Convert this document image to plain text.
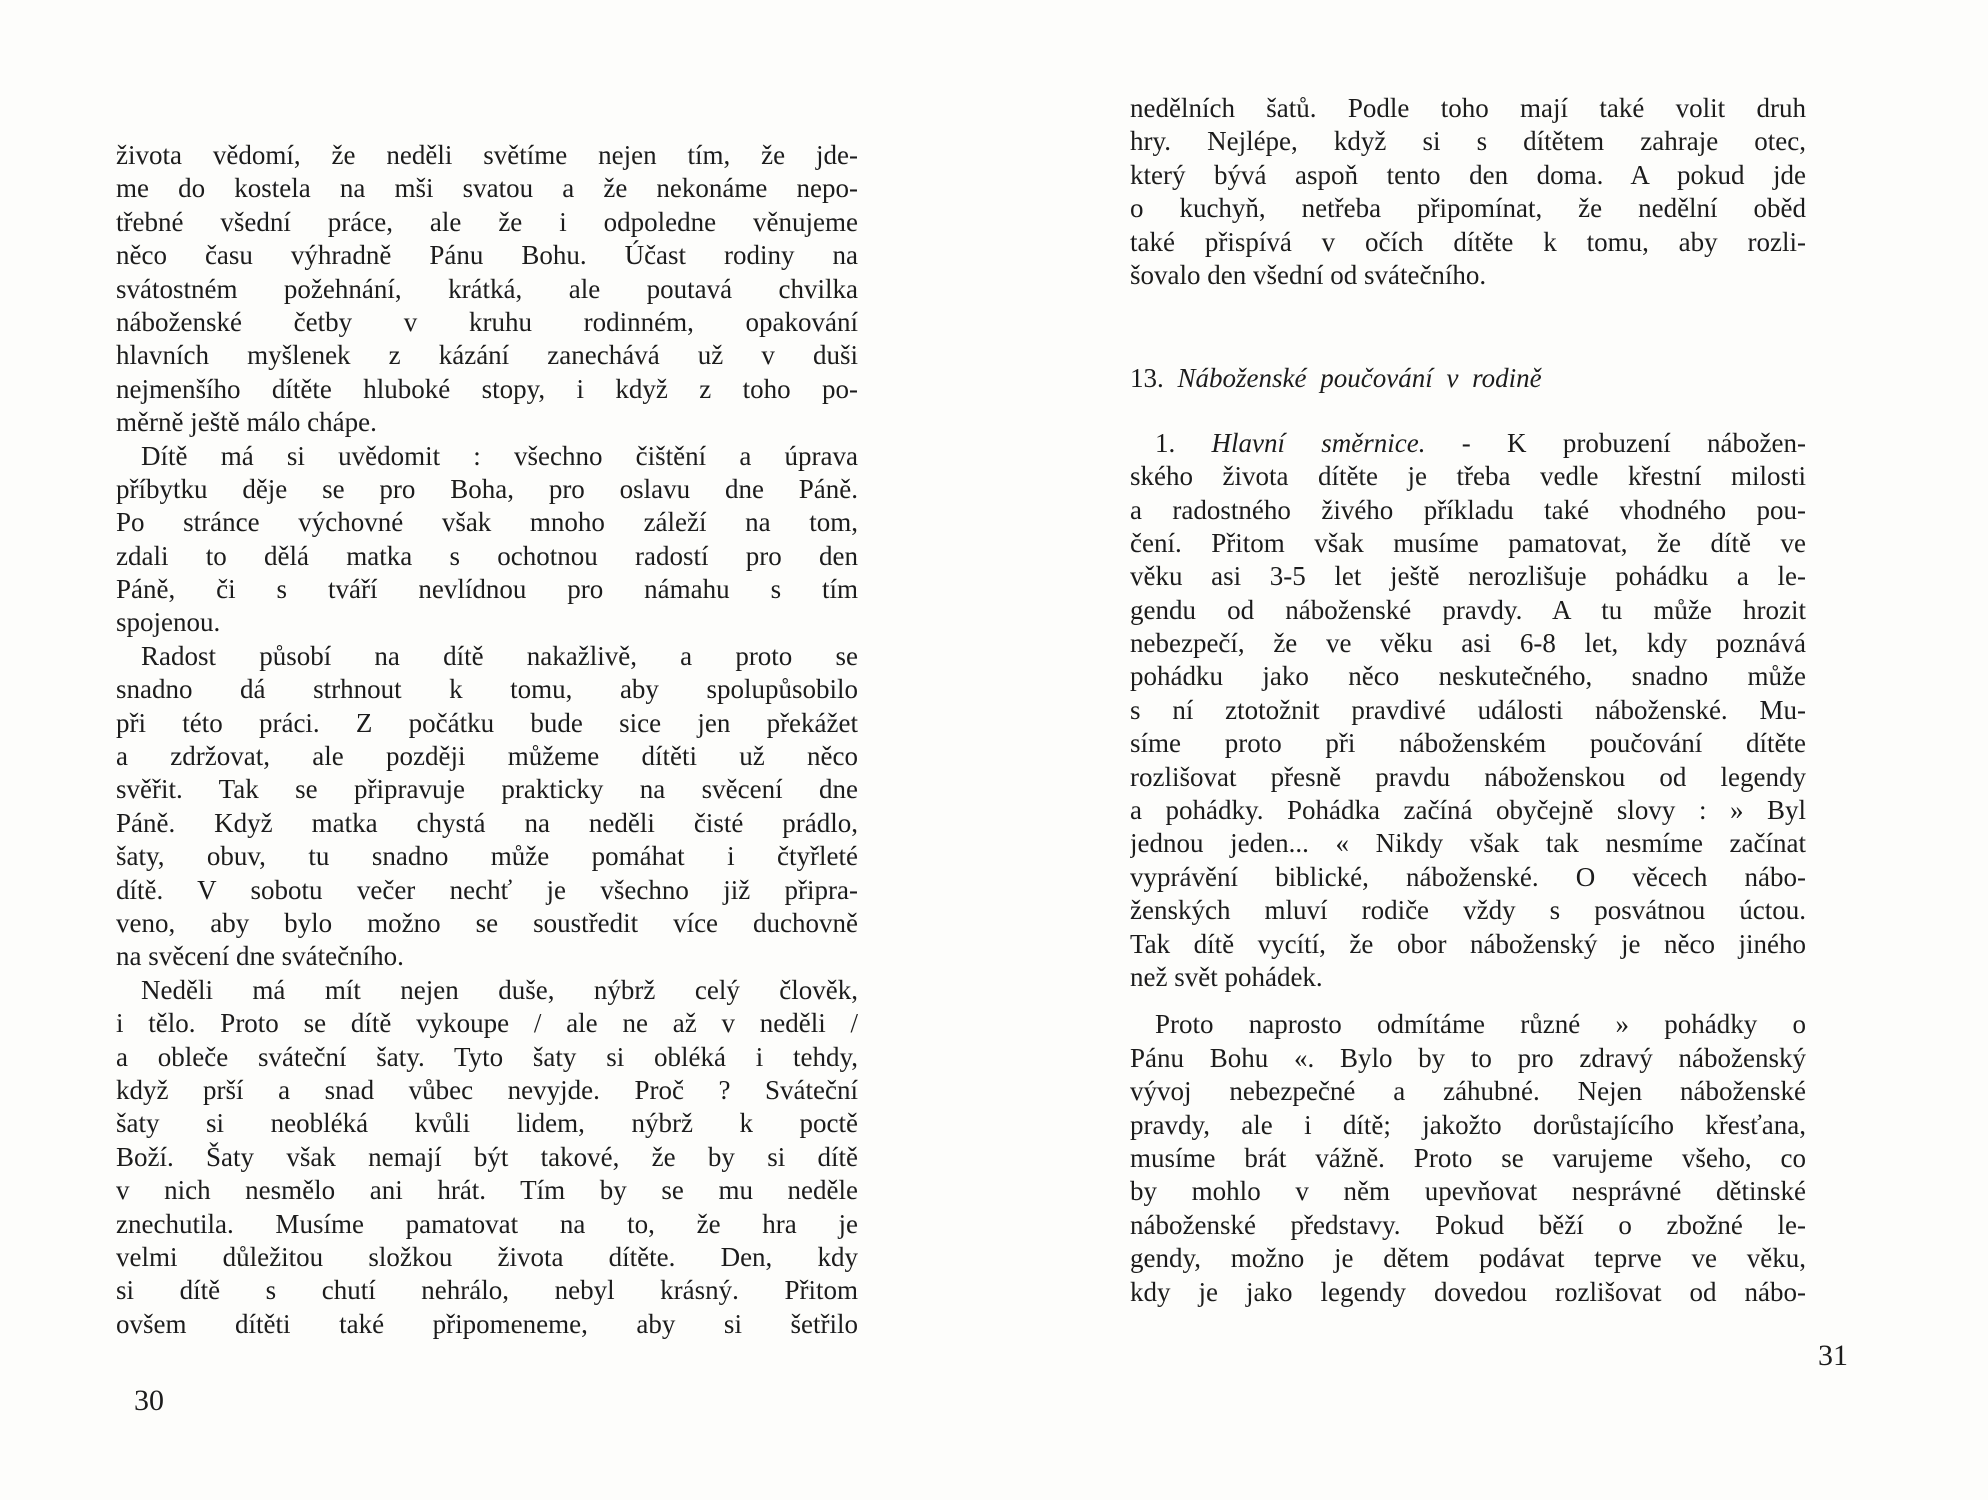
života vědomí, že neděli světíme nejen tím, že jde-
me do kostela na mši svatou a že nekonáme nepo-
třebné všední práce, ale že i odpoledne věnujeme
něco času výhradně Pánu Bohu. Účast rodiny na
svátostném požehnání, krátká, ale poutavá chvilka
náboženské četby v kruhu rodinném, opakování
hlavních myšlenek z kázání zanechává už v duši
nejmenšího dítěte hluboké stopy, i když z toho po-
měrně ještě málo chápe.
Dítě má si uvědomit : všechno čištění a úprava
příbytku děje se pro Boha, pro oslavu dne Páně.
Po stránce výchovné však mnoho záleží na tom,
zdali to dělá matka s ochotnou radostí pro den
Páně, či s tváří nevlídnou pro námahu s tím
spojenou.
Radost působí na dítě nakažlivě, a proto se
snadno dá strhnout k tomu, aby spolupůsobilo
při této práci. Z počátku bude sice jen překážet
a zdržovat, ale později můžeme dítěti už něco
svěřit. Tak se připravuje prakticky na svěcení dne
Páně. Když matka chystá na neděli čisté prádlo,
šaty, obuv, tu snadno může pomáhat i čtyřleté
dítě. V sobotu večer nechť je všechno již připra-
veno, aby bylo možno se soustředit více duchovně
na svěcení dne svátečního.
Neděli má mít nejen duše, nýbrž celý člověk,
i tělo. Proto se dítě vykoupe / ale ne až v neděli /
a obleče sváteční šaty. Tyto šaty si obléká i tehdy,
když prší a snad vůbec nevyjde. Proč ? Sváteční
šaty si neobléká kvůli lidem, nýbrž k poctě
Boží. Šaty však nemají být takové, že by si dítě
v nich nesmělo ani hrát. Tím by se mu neděle
znechutila. Musíme pamatovat na to, že hra je
velmi důležitou složkou života dítěte. Den, kdy
si dítě s chutí nehrálo, nebyl krásný. Přitom
ovšem dítěti také připomeneme, aby si šetřilo
30
nedělních šatů. Podle toho mají také volit druh
hry. Nejlépe, když si s dítětem zahraje otec,
který bývá aspoň tento den doma. A pokud jde
o kuchyň, netřeba připomínat, že nedělní oběd
také přispívá v očích dítěte k tomu, aby rozli-
šovalo den všední od svátečního.
13. Náboženské poučování v rodině
1. Hlavní směrnice. - K probuzení nábožen-
ského života dítěte je třeba vedle křestní milosti
a radostného živého příkladu také vhodného pou-
čení. Přitom však musíme pamatovat, že dítě ve
věku asi 3-5 let ještě nerozlišuje pohádku a le-
gendu od náboženské pravdy. A tu může hrozit
nebezpečí, že ve věku asi 6-8 let, kdy poznává
pohádku jako něco neskutečného, snadno může
s ní ztotožnit pravdivé události náboženské. Mu-
síme proto při náboženském poučování dítěte
rozlišovat přesně pravdu náboženskou od legendy
a pohádky. Pohádka začíná obyčejně slovy : » Byl
jednou jeden... « Nikdy však tak nesmíme začínat
vyprávění biblické, náboženské. O věcech nábo-
ženských mluví rodiče vždy s posvátnou úctou.
Tak dítě vycítí, že obor náboženský je něco jiného
než svět pohádek.
Proto naprosto odmítáme různé » pohádky o
Pánu Bohu «. Bylo by to pro zdravý náboženský
vývoj nebezpečné a záhubné. Nejen náboženské
pravdy, ale i dítě; jakožto dorůstajícího křesťana,
musíme brát vážně. Proto se varujeme všeho, co
by mohlo v něm upevňovat nesprávné dětinské
náboženské představy. Pokud běží o zbožné le-
gendy, možno je dětem podávat teprve ve věku,
kdy je jako legendy dovedou rozlišovat od nábo-
31
